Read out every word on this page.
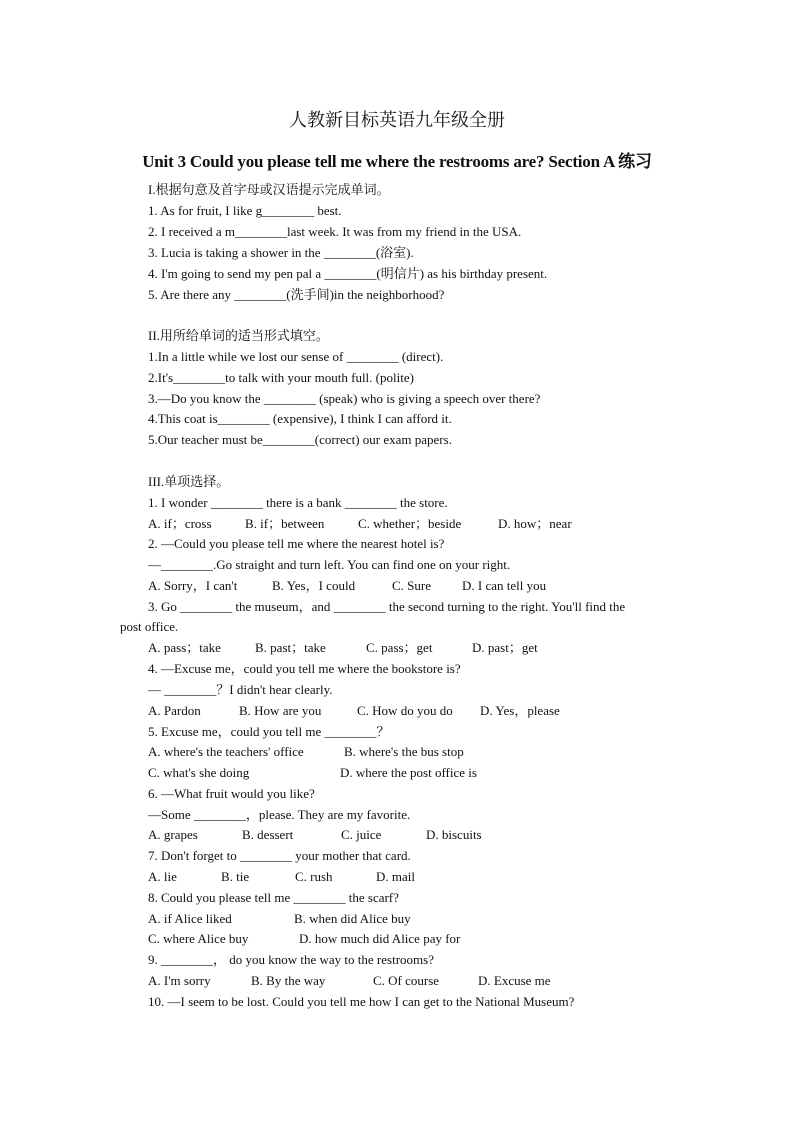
人教新目标英语九年级全册
Unit 3 Could you please tell me where the restrooms are? Section A 练习
I.根据句意及首字母或汉语提示完成单词。
1. As for fruit, I like g________ best.
2. I received a m________last week. It was from my friend in the USA.
3. Lucia is taking a shower in the ________(浴室).
4. I'm going to send my pen pal a ________(明信片) as his birthday present.
5. Are there any ________(洗手间)in the neighborhood?
II.用所给单词的适当形式填空。
1.In a little while we lost our sense of ________ (direct).
2.It's________to talk with your mouth full. (polite)
3.—Do you know the ________ (speak) who is giving a speech over there?
4.This coat is________ (expensive), I think I can afford it.
5.Our teacher must be________(correct) our exam papers.
III.单项选择。
1. I wonder ________ there is a bank ________ the store.
A. if；cross	B. if；between	C. whether；beside	D. how；near
2. —Could you please tell me where the nearest hotel is?
—________.Go straight and turn left. You can find one on your right.
A. Sorry，I can't	B. Yes，I could	C. Sure D. I can tell you
3. Go ________ the museum，and ________ the second turning to the right. You'll find the
post office.
A. pass；take	B. past；take	C. pass；get	D. past；get
4. —Excuse me，could you tell me where the bookstore is?
— ________？I didn't hear clearly.
A. Pardon	B. How are you	C. How do you do D. Yes，please
5. Excuse me，could you tell me ________？
A. where's the teachers' office	B. where's the bus stop
C. what's she doing	D. where the post office is
6. —What fruit would you like?
—Some ________，please. They are my favorite.
A. grapes	B. dessert	C. juice	D. biscuits
7. Don't forget to ________ your mother that card.
A. lie	B. tie	C. rush	D. mail
8. Could you please tell me ________ the scarf?
A. if Alice liked	B. when did Alice buy
C. where Alice buy	D. how much did Alice pay for
9. ________， do you know the way to the restrooms?
A. I'm sorry	B. By the way	C. Of course	D. Excuse me
10. —I seem to be lost. Could you tell me how I can get to the National Museum?
